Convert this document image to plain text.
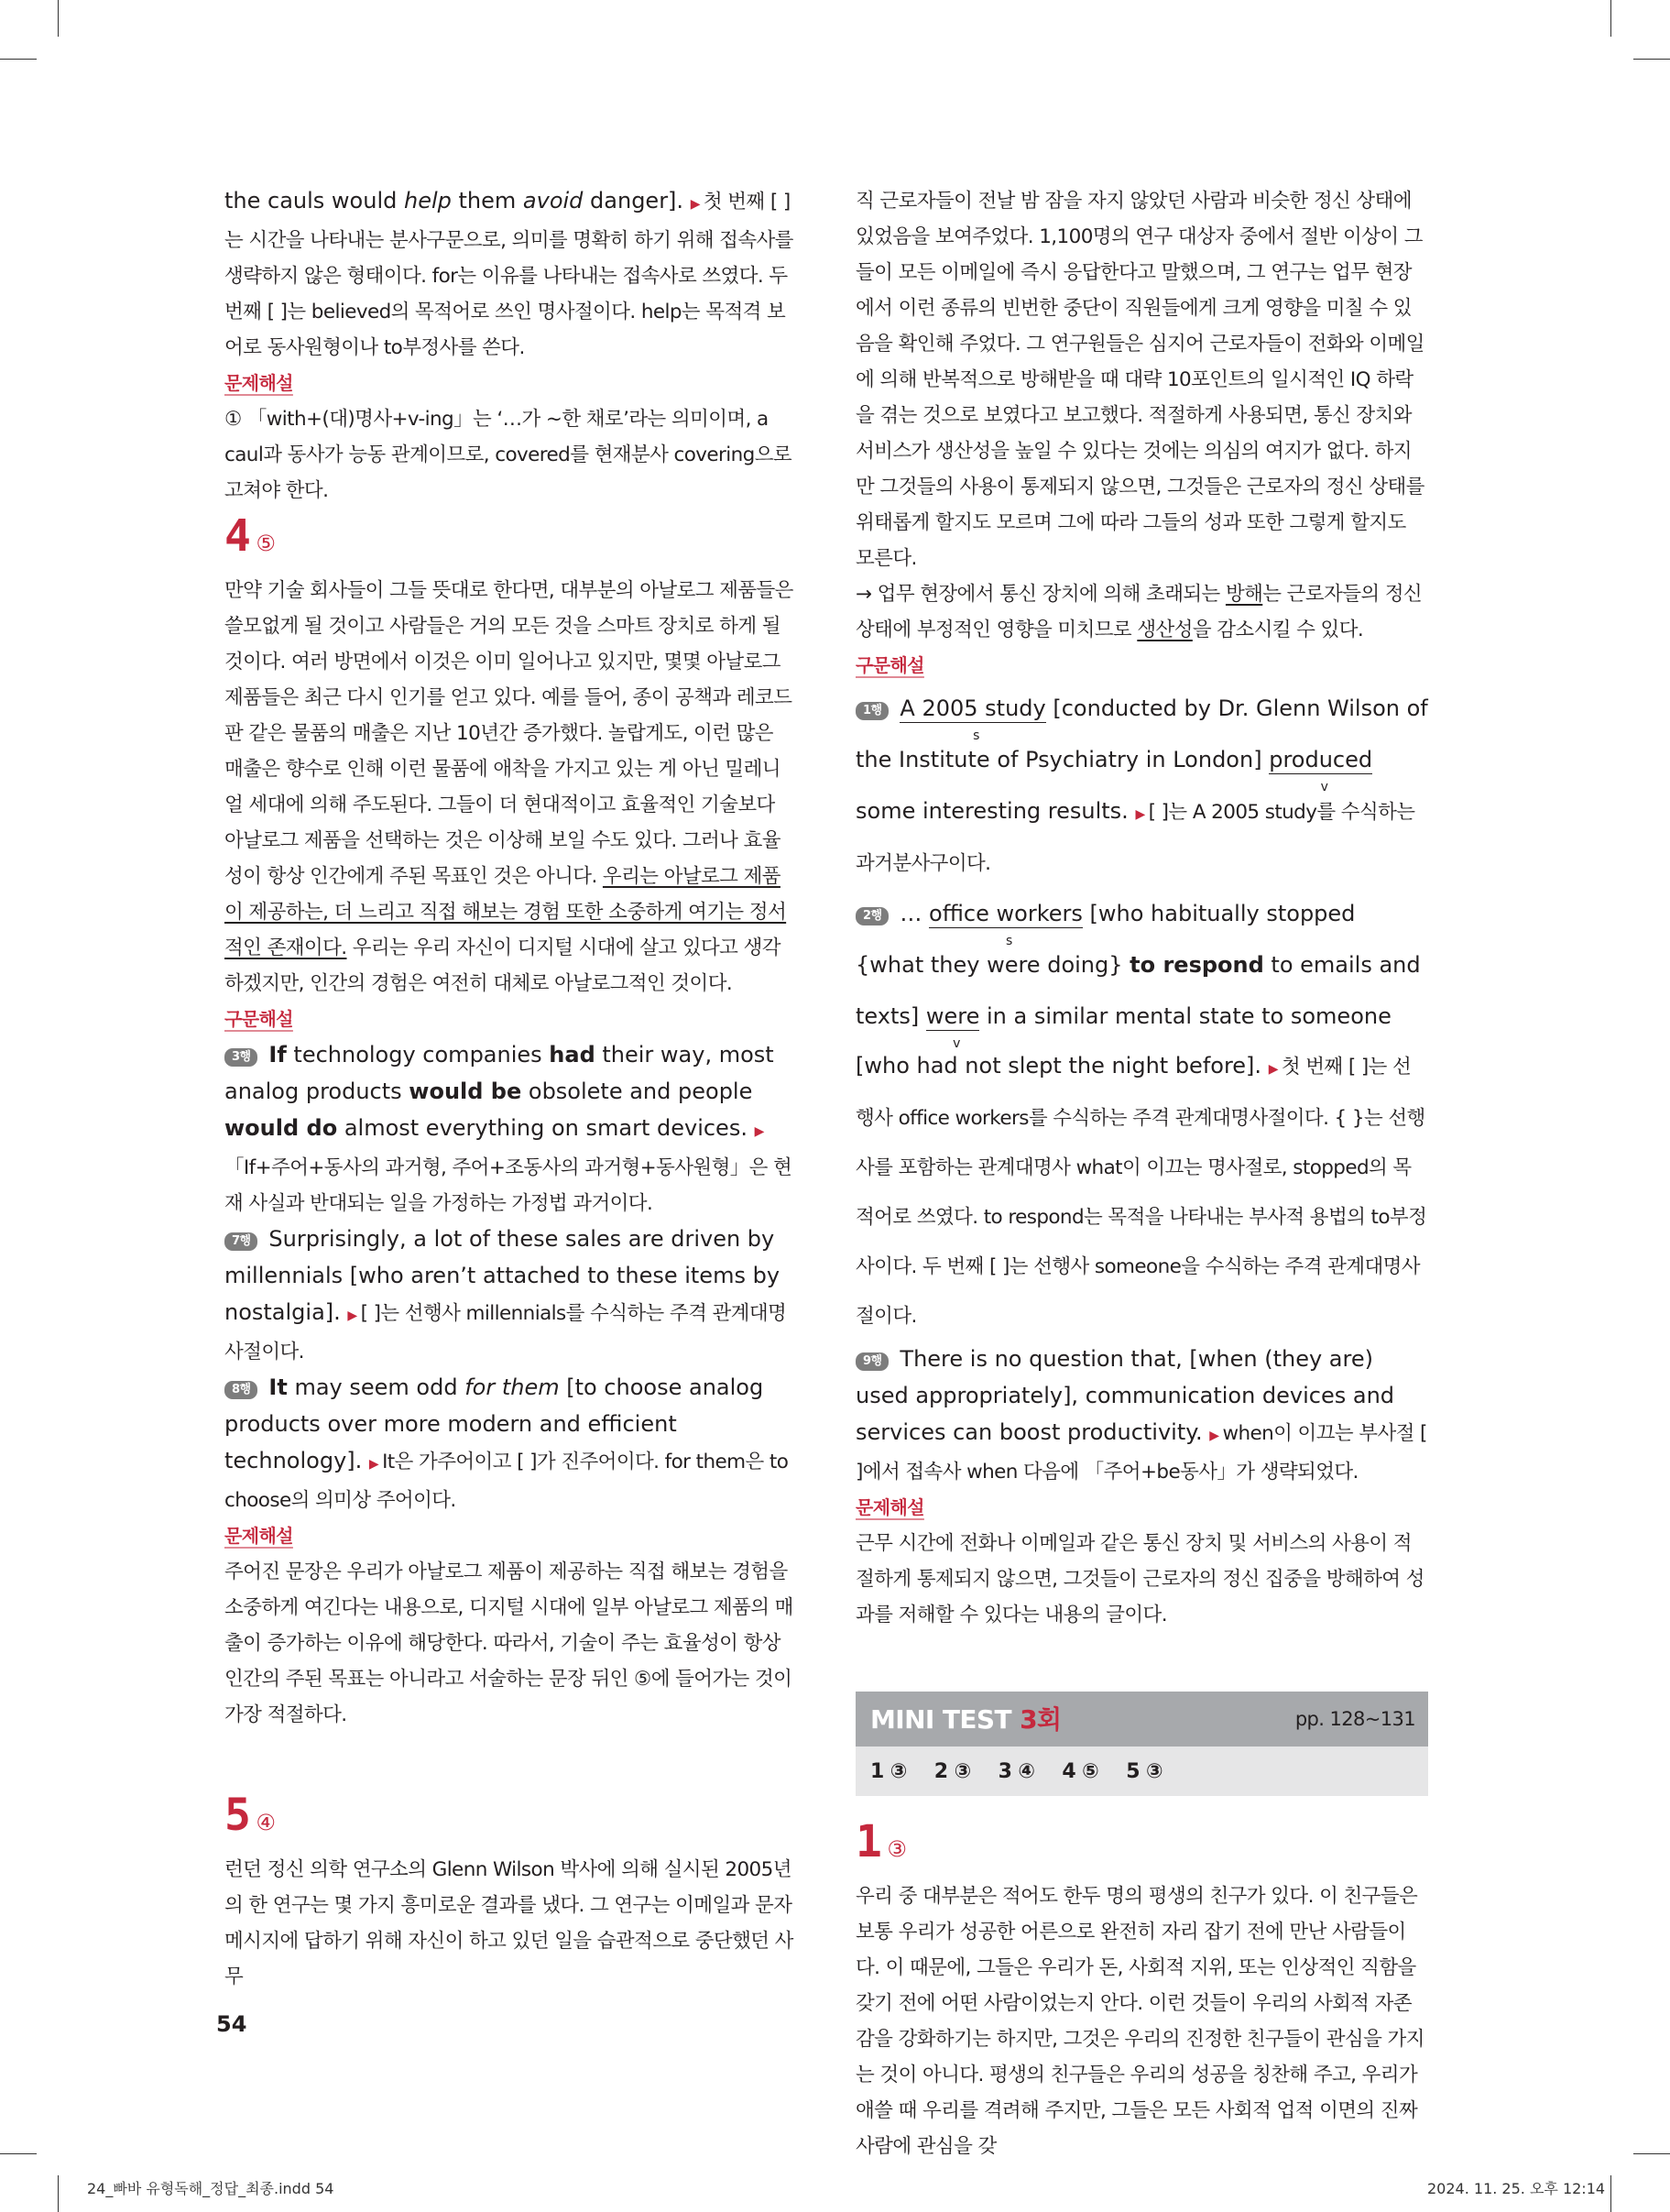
the cauls would help them avoid danger]. ▶ 첫 번째 [ ]는 시간을 나타내는 분사구문으로, 의미를 명확히 하기 위해 접속사를 생략하지 않은 형태이다. for는 이유를 나타내는 접속사로 쓰였다. 두 번째 [ ]는 believed의 목적어로 쓰인 명사절이다. help는 목적격 보어로 동사원형이나 to부정사를 쓴다.

문제해설

① 「with+(대)명사+v-ing」는 ‘…가 ~한 채로’라는 의미이며, a caul과 동사가 능동 관계이므로, covered를 현재분사 covering으로 고쳐야 한다.

4 ⑤

만약 기술 회사들이 그들 뜻대로 한다면, 대부분의 아날로그 제품들은 쓸모없게 될 것이고 사람들은 거의 모든 것을 스마트 장치로 하게 될 것이다. 여러 방면에서 이것은 이미 일어나고 있지만, 몇몇 아날로그 제품들은 최근 다시 인기를 얻고 있다. 예를 들어, 종이 공책과 레코드판 같은 물품의 매출은 지난 10년간 증가했다. 놀랍게도, 이런 많은 매출은 향수로 인해 이런 물품에 애착을 가지고 있는 게 아닌 밀레니얼 세대에 의해 주도된다. 그들이 더 현대적이고 효율적인 기술보다 아날로그 제품을 선택하는 것은 이상해 보일 수도 있다. 그러나 효율성이 항상 인간에게 주된 목표인 것은 아니다. 우리는 아날로그 제품이 제공하는, 더 느리고 직접 해보는 경험 또한 소중하게 여기는 정서적인 존재이다. 우리는 우리 자신이 디지털 시대에 살고 있다고 생각하겠지만, 인간의 경험은 여전히 대체로 아날로그적인 것이다.

구문해설

3행 If technology companies had their way, most analog products would be obsolete and people would do almost everything on smart devices. ▶「If+주어+동사의 과거형, 주어+조동사의 과거형+동사원형」은 현재 사실과 반대되는 일을 가정하는 가정법 과거이다.

7행 Surprisingly, a lot of these sales are driven by millennials [who aren’t attached to these items by nostalgia]. ▶ [ ]는 선행사 millennials를 수식하는 주격 관계대명사절이다.

8행 It may seem odd for them [to choose analog products over more modern and efficient technology]. ▶ It은 가주어이고 [ ]가 진주어이다. for them은 to choose의 의미상 주어이다.

문제해설

주어진 문장은 우리가 아날로그 제품이 제공하는 직접 해보는 경험을 소중하게 여긴다는 내용으로, 디지털 시대에 일부 아날로그 제품의 매출이 증가하는 이유에 해당한다. 따라서, 기술이 주는 효율성이 항상 인간의 주된 목표는 아니라고 서술하는 문장 뒤인 ⑤에 들어가는 것이 가장 적절하다.

5 ④

런던 정신 의학 연구소의 Glenn Wilson 박사에 의해 실시된 2005년의 한 연구는 몇 가지 흥미로운 결과를 냈다. 그 연구는 이메일과 문자 메시지에 답하기 위해 자신이 하고 있던 일을 습관적으로 중단했던 사무

직 근로자들이 전날 밤 잠을 자지 않았던 사람과 비슷한 정신 상태에 있었음을 보여주었다. 1,100명의 연구 대상자 중에서 절반 이상이 그들이 모든 이메일에 즉시 응답한다고 말했으며, 그 연구는 업무 현장에서 이런 종류의 빈번한 중단이 직원들에게 크게 영향을 미칠 수 있음을 확인해 주었다. 그 연구원들은 심지어 근로자들이 전화와 이메일에 의해 반복적으로 방해받을 때 대략 10포인트의 일시적인 IQ 하락을 겪는 것으로 보였다고 보고했다. 적절하게 사용되면, 통신 장치와 서비스가 생산성을 높일 수 있다는 것에는 의심의 여지가 없다. 하지만 그것들의 사용이 통제되지 않으면, 그것들은 근로자의 정신 상태를 위태롭게 할지도 모르며 그에 따라 그들의 성과 또한 그렇게 할지도 모른다.

→ 업무 현장에서 통신 장치에 의해 초래되는 방해는 근로자들의 정신 상태에 부정적인 영향을 미치므로 생산성을 감소시킬 수 있다.

구문해설

1행 A 2005 study
s
[conducted by Dr. Glenn Wilson of the Institute of Psychiatry in London] produced
v
some interesting results. ▶ [ ]는 A 2005 study를 수식하는 과거분사구이다.

2행 … office workers
s
[who habitually stopped {what they were doing} to respond to emails and texts] were
v
in a similar mental state to someone [who had not slept the night before]. ▶ 첫 번째 [ ]는 선행사 office workers를 수식하는 주격 관계대명사절이다. { }는 선행사를 포함하는 관계대명사 what이 이끄는 명사절로, stopped의 목적어로 쓰였다. to respond는 목적을 나타내는 부사적 용법의 to부정사이다. 두 번째 [ ]는 선행사 someone을 수식하는 주격 관계대명사절이다.

9행 There is no question that, [when (they are) used appropriately], communication devices and services can boost productivity. ▶ when이 이끄는 부사절 [ ]에서 접속사 when 다음에 「주어+be동사」가 생략되었다.

문제해설

근무 시간에 전화나 이메일과 같은 통신 장치 및 서비스의 사용이 적절하게 통제되지 않으면, 그것들이 근로자의 정신 집중을 방해하여 성과를 저해할 수 있다는 내용의 글이다.

MINI TEST 3회	pp. 128~131
1 ③ 2 ③ 3 ④ 4 ⑤ 5 ③

1 ③

우리 중 대부분은 적어도 한두 명의 평생의 친구가 있다. 이 친구들은 보통 우리가 성공한 어른으로 완전히 자리 잡기 전에 만난 사람들이다. 이 때문에, 그들은 우리가 돈, 사회적 지위, 또는 인상적인 직함을 갖기 전에 어떤 사람이었는지 안다. 이런 것들이 우리의 사회적 자존감을 강화하기는 하지만, 그것은 우리의 진정한 친구들이 관심을 가지는 것이 아니다. 평생의 친구들은 우리의 성공을 칭찬해 주고, 우리가 애쓸 때 우리를 격려해 주지만, 그들은 모든 사회적 업적 이면의 진짜 사람에 관심을 갖

54
24_빠바 유형독해_정답_최종.indd 54	2024. 11. 25. 오후 12:14
